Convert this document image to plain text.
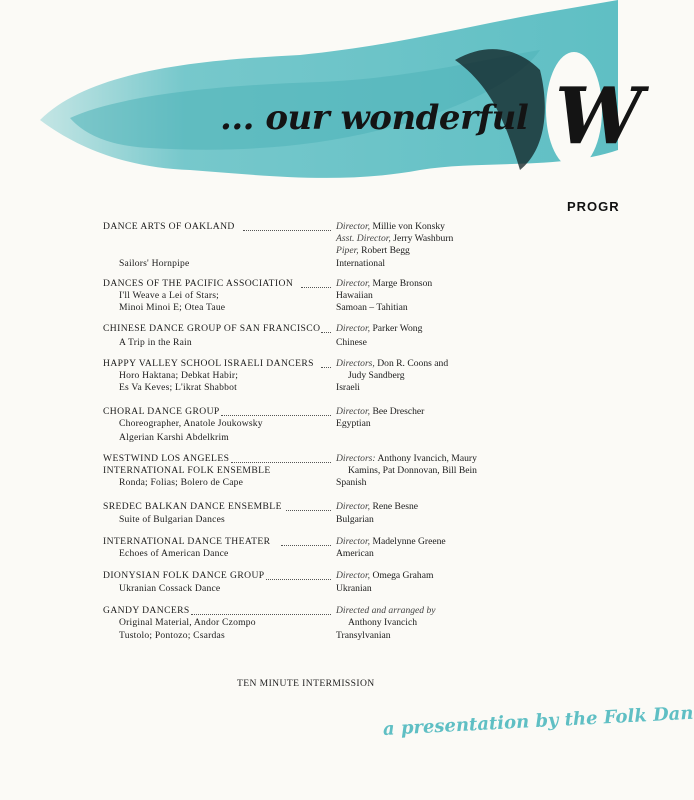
... our wonderful W
PROGR
DANCE ARTS OF OAKLAND	Director, Millie von Konsky
Asst. Director, Jerry Washburn
Piper, Robert Begg
Sailors' Hornpipe	International
DANCES OF THE PACIFIC ASSOCIATION	Director, Marge Bronson
I'll Weave a Lei of Stars;	Hawaiian
Minoi Minoi E; Otea Taue	Samoan – Tahitian
CHINESE DANCE GROUP OF SAN FRANCISCO Director, Parker Wong
A Trip in the Rain	Chinese
HAPPY VALLEY SCHOOL ISRAELI DANCERS Directors, Don R. Coons and
Horo Haktana; Debkat Habir;	Judy Sandberg
Es Va Keves; L'ikrat Shabbot	Israeli
CHORAL DANCE GROUP	Director, Bee Drescher
Choreographer, Anatole Joukowsky	Egyptian
Algerian Karshi Abdelkrim
WESTWIND LOS ANGELES	Directors: Anthony Ivancich, Maury
INTERNATIONAL FOLK ENSEMBLE	Kamins, Pat Donnovan, Bill Bein
Ronda; Folias; Bolero de Cape	Spanish
SREDEC BALKAN DANCE ENSEMBLE	Director, Rene Besne
Suite of Bulgarian Dances	Bulgarian
INTERNATIONAL DANCE THEATER	Director, Madelynne Greene
Echoes of American Dance	American
DIONYSIAN FOLK DANCE GROUP	Director, Omega Graham
Ukranian Cossack Dance	Ukranian
GANDY DANCERS	Directed and arranged by
Original Material, Andor Czompo	Anthony Ivancich
Tustolo; Pontozo; Csardas	Transylvanian
TEN MINUTE INTERMISSION
a presentation by the Folk Dan
